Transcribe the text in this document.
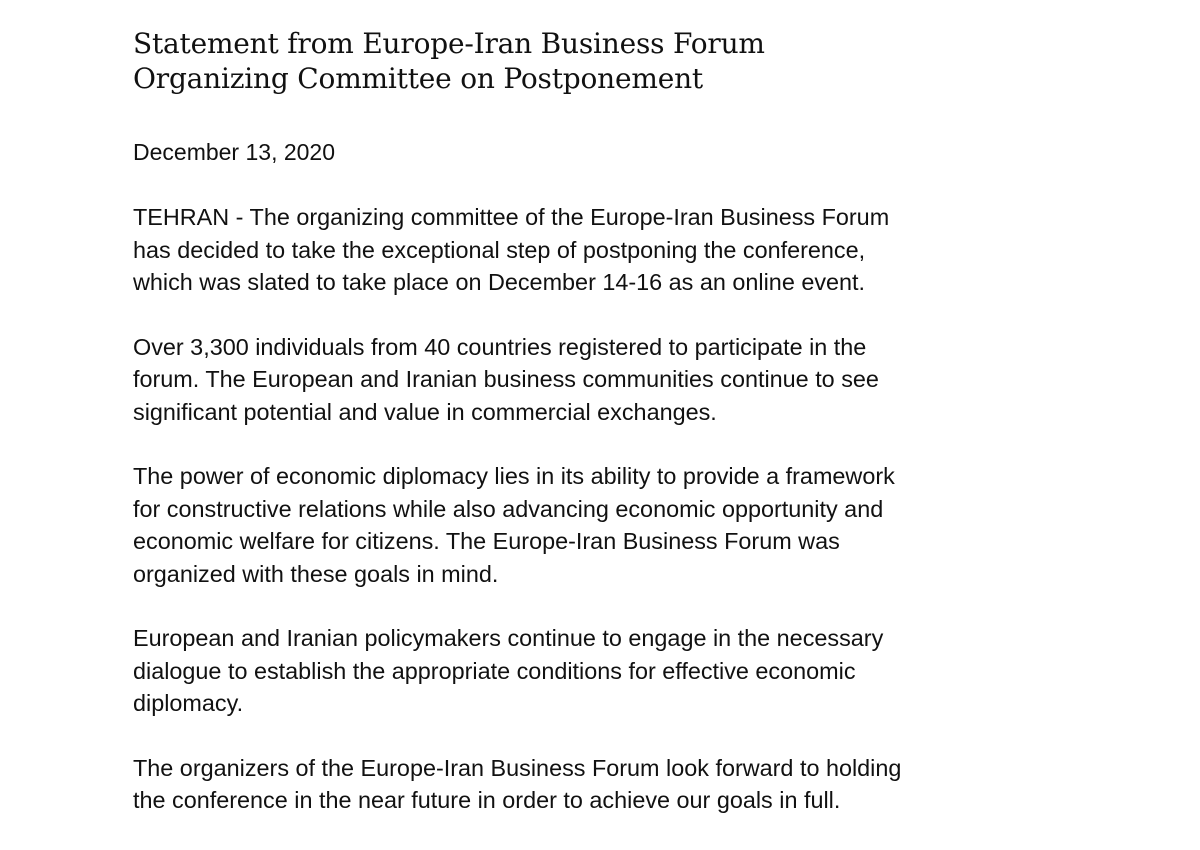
Statement from Europe-Iran Business Forum
Organizing Committee on Postponement

December 13, 2020

TEHRAN - The organizing committee of the Europe-Iran Business Forum
has decided to take the exceptional step of postponing the conference,
which was slated to take place on December 14-16 as an online event.

Over 3,300 individuals from 40 countries registered to participate in the
forum. The European and Iranian business communities continue to see
significant potential and value in commercial exchanges.

The power of economic diplomacy lies in its ability to provide a framework
for constructive relations while also advancing economic opportunity and
economic welfare for citizens. The Europe-Iran Business Forum was
organized with these goals in mind.

European and Iranian policymakers continue to engage in the necessary
dialogue to establish the appropriate conditions for effective economic
diplomacy.

The organizers of the Europe-Iran Business Forum look forward to holding
the conference in the near future in order to achieve our goals in full.
